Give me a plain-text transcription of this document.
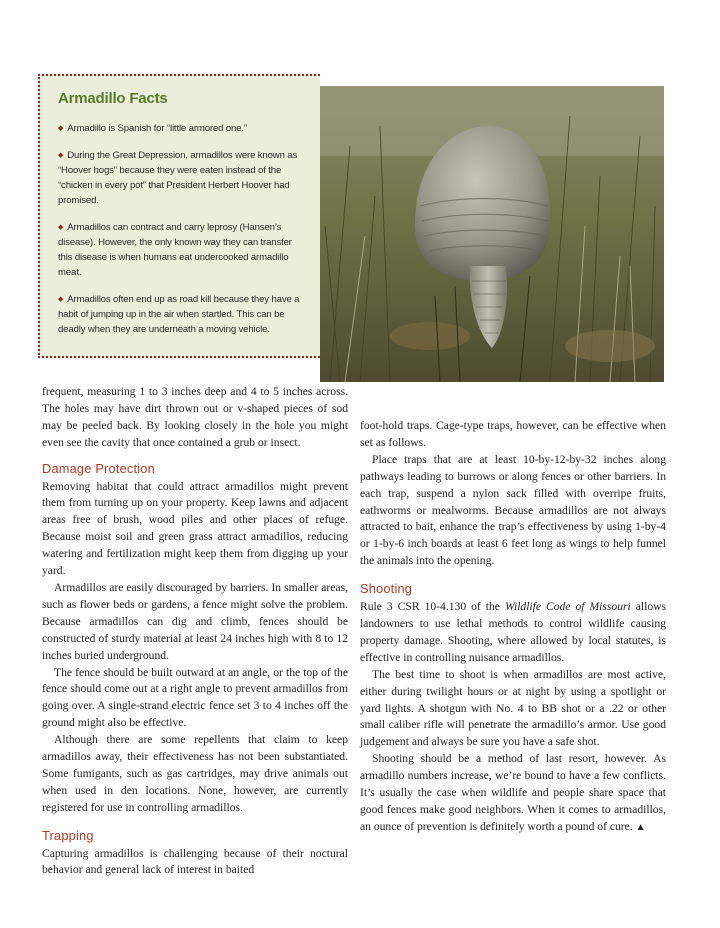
Armadillo Facts
◆ Armadillo is Spanish for “little armored one.”
◆ During the Great Depression, armadillos were known as “Hoover hogs” because they were eaten instead of the “chicken in every pot” that President Herbert Hoover had promised.
◆ Armadillos can contract and carry leprosy (Hansen’s disease). However, the only known way they can transfer this disease is when humans eat undercooked armadillo meat.
◆ Armadillos often end up as road kill because they have a habit of jumping up in the air when startled. This can be deadly when they are underneath a moving vehicle.

frequent, measuring 1 to 3 inches deep and 4 to 5 inches across. The holes may have dirt thrown out or v-shaped pieces of sod may be peeled back. By looking closely in the hole you might even see the cavity that once contained a grub or insect.

Damage Protection

Removing habitat that could attract armadillos might prevent them from turning up on your property. Keep lawns and adjacent areas free of brush, wood piles and other places of refuge. Because moist soil and green grass attract armadillos, reducing watering and fertilization might keep them from digging up your yard.

Armadillos are easily discouraged by barriers. In smaller areas, such as flower beds or gardens, a fence might solve the problem. Because armadillos can dig and climb, fences should be constructed of sturdy material at least 24 inches high with 8 to 12 inches buried underground.

The fence should be built outward at an angle, or the top of the fence should come out at a right angle to prevent armadillos from going over. A single-strand electric fence set 3 to 4 inches off the ground might also be effective.

Although there are some repellents that claim to keep armadillos away, their effectiveness has not been substantiated. Some fumigants, such as gas cartridges, may drive animals out when used in den locations. None, however, are currently registered for use in controlling armadillos.

Trapping

Capturing armadillos is challenging because of their noctural behavior and general lack of interest in baited

foot-hold traps. Cage-type traps, however, can be effective when set as follows.

Place traps that are at least 10-by-12-by-32 inches along pathways leading to burrows or along fences or other barriers. In each trap, suspend a nylon sack filled with overripe fruits, eathworms or mealworms. Because armadillos are not always attracted to bait, enhance the trap’s effectiveness by using 1-by-4 or 1-by-6 inch boards at least 6 feet long as wings to help funnel the animals into the opening.

Shooting

Rule 3 CSR 10-4.130 of the Wildlife Code of Missouri allows landowners to use lethal methods to control wildlife causing property damage. Shooting, where allowed by local statutes, is effective in controlling nuisance armadillos.

The best time to shoot is when armadillos are most active, either during twilight hours or at night by using a spotlight or yard lights. A shotgun with No. 4 to BB shot or a .22 or other small caliber rifle will penetrate the armadillo’s armor. Use good judgement and always be sure you have a safe shot.

Shooting should be a method of last resort, however. As armadillo numbers increase, we’re bound to have a few conflicts. It’s usually the case when wildlife and people share space that good fences make good neighbors. When it comes to armadillos, an ounce of prevention is definitely worth a pound of cure. ▲
